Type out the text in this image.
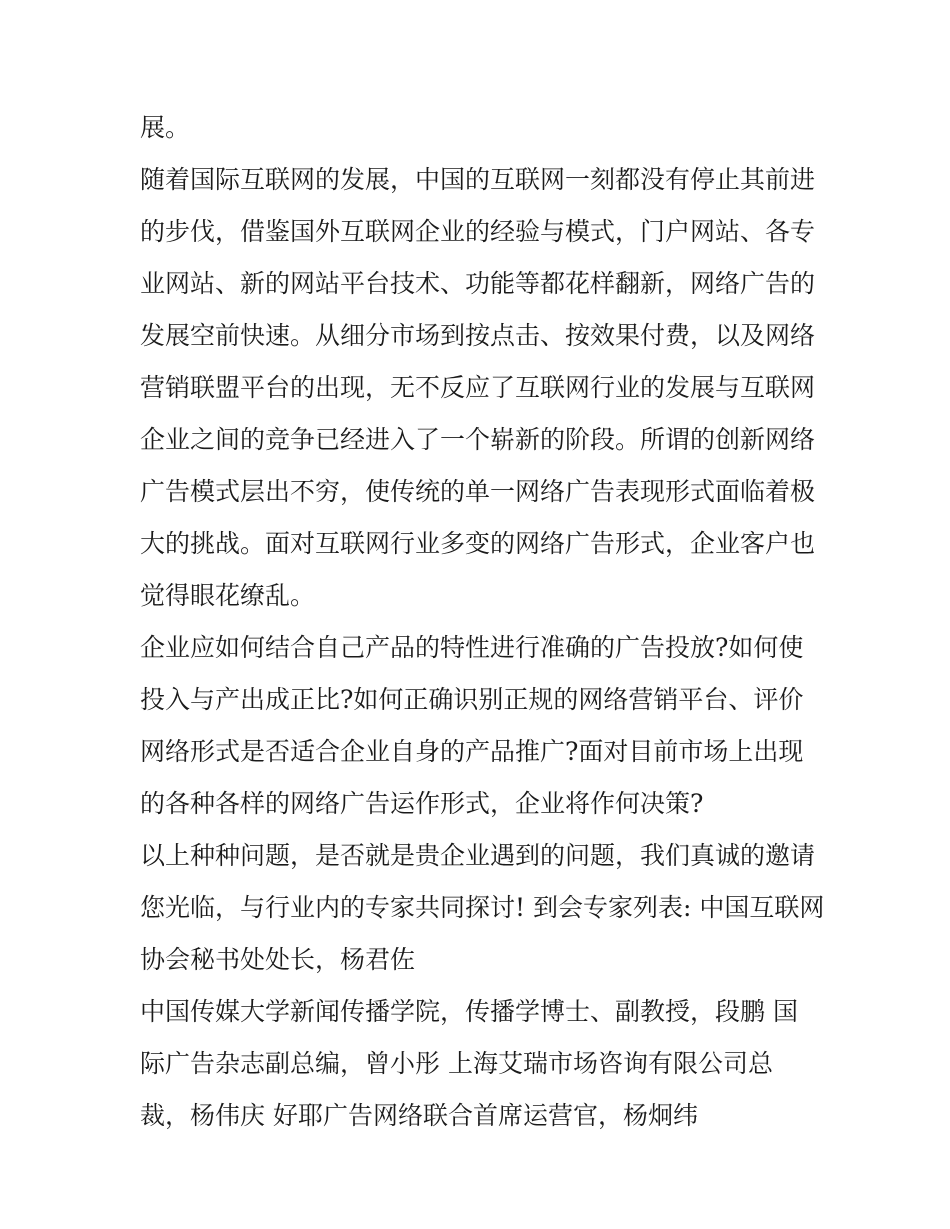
展。
随着国际互联网的发展，中国的互联网一刻都没有停止其前进
的步伐，借鉴国外互联网企业的经验与模式，门户网站、各专
业网站、新的网站平台技术、功能等都花样翻新，网络广告的
发展空前快速。从细分市场到按点击、按效果付费，以及网络
营销联盟平台的出现，无不反应了互联网行业的发展与互联网
企业之间的竞争已经进入了一个崭新的阶段。所谓的创新网络
广告模式层出不穷，使传统的单一网络广告表现形式面临着极
大的挑战。面对互联网行业多变的网络广告形式，企业客户也
觉得眼花缭乱。
企业应如何结合自己产品的特性进行准确的广告投放?如何使
投入与产出成正比?如何正确识别正规的网络营销平台、评价
网络形式是否适合企业自身的产品推广?面对目前市场上出现
的各种各样的网络广告运作形式，企业将作何决策?
以上种种问题，是否就是贵企业遇到的问题，我们真诚的邀请
您光临，与行业内的专家共同探讨! 到会专家列表: 中国互联网
协会秘书处处长，杨君佐
中国传媒大学新闻传播学院，传播学博士、副教授，段鹏 国
际广告杂志副总编，曾小彤 上海艾瑞市场咨询有限公司总
裁，杨伟庆 好耶广告网络联合首席运营官，杨炯纬
